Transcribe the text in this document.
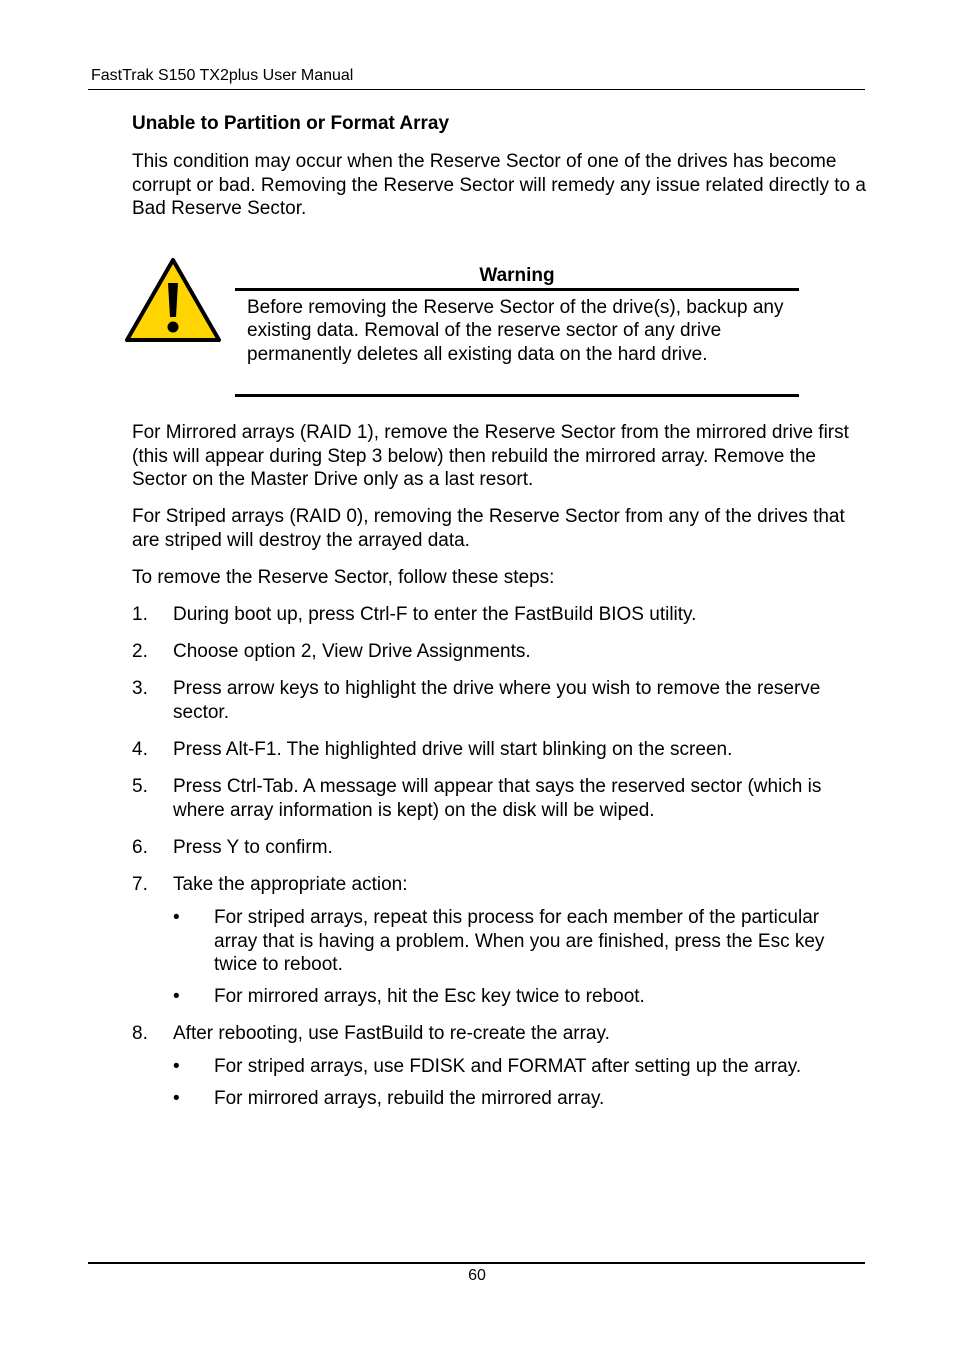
FastTrak S150 TX2plus User Manual
Unable to Partition or Format Array
This condition may occur when the Reserve Sector of one of the drives has become corrupt or bad. Removing the Reserve Sector will remedy any issue related directly to a Bad Reserve Sector.
Warning
Before removing the Reserve Sector of the drive(s), backup any existing data. Removal of the reserve sector of any drive permanently deletes all existing data on the hard drive.
For Mirrored arrays (RAID 1), remove the Reserve Sector from the mirrored drive first (this will appear during Step 3 below) then rebuild the mirrored array. Remove the Sector on the Master Drive only as a last resort.
For Striped arrays (RAID 0), removing the Reserve Sector from any of the drives that are striped will destroy the arrayed data.
To remove the Reserve Sector, follow these steps:
1. During boot up, press Ctrl-F to enter the FastBuild BIOS utility.
2. Choose option 2, View Drive Assignments.
3. Press arrow keys to highlight the drive where you wish to remove the reserve sector.
4. Press Alt-F1. The highlighted drive will start blinking on the screen.
5. Press Ctrl-Tab. A message will appear that says the reserved sector (which is where array information is kept) on the disk will be wiped.
6. Press Y to confirm.
7. Take the appropriate action:
• For striped arrays, repeat this process for each member of the particular array that is having a problem. When you are finished, press the Esc key twice to reboot.
• For mirrored arrays, hit the Esc key twice to reboot.
8. After rebooting, use FastBuild to re-create the array.
• For striped arrays, use FDISK and FORMAT after setting up the array.
• For mirrored arrays, rebuild the mirrored array.
60
